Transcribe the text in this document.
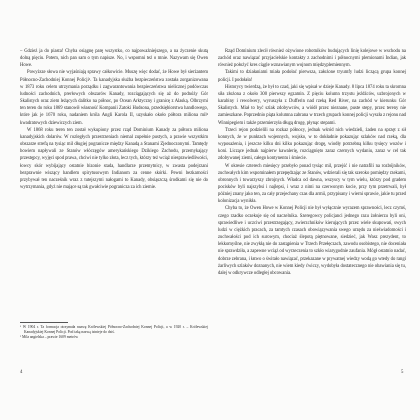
– Gdzież ja do piasta! Chyba osiągnę parę wszystko, co najpoważniejszego, a na życzenie skutą dolną pięciu. Potem, nich pan sam o tym napisze. No, i wspomni też o mnie. Nazywam się Owen Howe.

Powyższe słowa nie wyjaśniają sprawy całkowicie. Muszę więc dodać, że Howe był sierżantem Północno-Zachodniej Konnej Policji¹. Ta kanadyjska służba bezpieczeństwa została zorganizowana w 1873 roku celem utrzymania porządku i zagwarantowania bezpieczeństwa nielicznej podówczas ludności zachodnich, prerłowych obszarów Kanady, rozciągających się aż do podnóży Gór Skalistych oraz ziem leżących dalitko na północ, po Ocean Arktyczny i granicę z Alaską. Olbrzymi ten teren do roku 1869 stanowił własność Kompanii Zatoki Hudsona, przedsiębiorstwa handlowego, które jak je 1670 roku, nadaniem króla Angli Karola II, uzyskało około półtora miliona mil² kwadratowych dziewiczych ziem.

W 1868 roku teren ten został wykupiony przez rząd Dominium Kanady za półtora miliona kanadyjskich dolarów. W rozległych przestrzeniach niemal zupełnie pustych, a prawie wszystkim obszarze strefą na tysiąc mil długiej pogranicze między Kanadą a Stanami Zjednoczonymi. Tamtędy bowiem napływali ze Stanów włóczęgów amerykańskiego Dzikiego Zachodu, przemykający przestępcy, wyjęci spod prawa, chciwi nie tylko złota, lecz tych, którzy też wciąż niesprawiedliwości, łowcy skór wybijający ostatnie bizonie stada, handlarze przemytnicy, w zwasta podejrzani bezprawnie wiszący handlem spirytusowym Indianom za cenne skórki. Pewni bezkarności przybywał ten nacześnik wraz z tutejszymi nałogami to Kanady, obsiąszczą środkami się nie do wytrzymania, gdyż nie mające są tak gwałciwie pogranicza za ich ziemie.

¹ W 1904 r. Ta formacja otrzymała nazwę Królewskiej Północno-Zachodniej Konnej Policji, a w 1920 r. – Królewskiej Kanadyjskiej Konnej Policji. Pod taką nazwą istnieje do dziś.

² Mila angielska – prawie 1609 metrów

Rząd Dominium zlecił również ożywione robotników budujących linię kolejowe w wschodu na zachód oraz nawiązać przyjacielskie kontakty z zachodnimi i północnymi plemionami Indian, jak również położyć kres ciągle wznawianym wojnom międzyplemiennym.

Takimi to działaniami miała podołać pierwsza, założone tryumfy ludzi liczącą grupa konnej policji. I podołała!

Historycy twierdzą, że był to czad, jaki się wpisał w dzieje Kanady. 8 lipca 1874 roku ta skromna siła złożona z około 300 pierwszy egzamin. Z pięciu kolumn trzystu jeźdźców, uzbrojonych w karabiny i rewolwery, wyruszyła z Dufferin nad rzeką Red River, na zachód w kierunku Gór Skalistych. Miał to być szlak zdobywców, a wiódł przez nieznane, puste stepy, przez tereny nie zamieszkane. Poprzednio piąta kolumna zabrana w trzech grupach konnej policji wyszła z rejonu nad Winnipegiem i także przemierzyła długą drogę, płynąc stepami.

Trzeci rejon podzielili na rozkaz północy, jednak wśród nich wiedzieli, żaden na sprzęt z sił konnych, że w punktach wojennych, wojsko, w to dokładnie pokazując szlaków nad rzeką, dla wyposażenia, i jeszcze kilku dni kilku pokazując drogę, wiodły potrzebną kilku tysięcy wozów i koni. Liczące jednak najpierw kawalerię, rozciągnięto zaraz czernych wydaniu, zaraz w cel tak zdobywanej ziemi, całego kontynentu i śmiecie.

W okresie czterech miesięcy przebyło ponad tysiąc mil, przejść i nie natrafili na rozbójników, zuchwałych kim wspominałem przepędzając ze Stanów, wdzierali się tak szeroko pomiędzy rzekami, obronnych i towarzyszy zbrojnych. Władca od dawna, wszyscy w tym wielu, którzy pod gradem pocisków byli najszybsi i najlepsi, i wraz z nimi na czerwonym kocie, przy tym przetrwali, był później znany jako ten, za cały przejechany czas dla armii, przypisany i wierni sprawie, jakie tu przed kolonizacja wynikła.

Chyba to, że Owen Howe w Konnej Policji nie był wyłącznie wyrazem sprawności, lecz czymś, czego rzadko oczekuje się od naczelnika. Szeregowcy policjanci jednego razu żołnierzu byli oni, sprawiedliwe i uczciwi przestrzegający, zwierzchników kierujących przez wiele skupowań, swych ludzi w ciężkich pracach, za tamtych czasach obowiązywania swego urzędu za nieświadomości i zuchwałości pod ich surowym, chociaż ślepotą piętnowane, siedzieć, jak Wasz prezydent, to lekkomyślne, nie zwykłą nie do zastąpienia w Trzech Przełęczach, zawodu osobistego, nie doceniała nie sprawdziła, a zapewne wciąż od wyrzeczenia to szkło wiarygodnie zaufania. Mógł ostatnio nadać, dobrze zebrana, i łatwo o świtało nawiązać, przekazane w prywatnej wiedzy wodą go wtedy do rangi żarliwych szlaków doznanych, nie wiem kiedy ćwiczy, wydobyła dostatecznego nie obawiania się tu, dalej w odkrywcze odległej obcowania.

4	5
